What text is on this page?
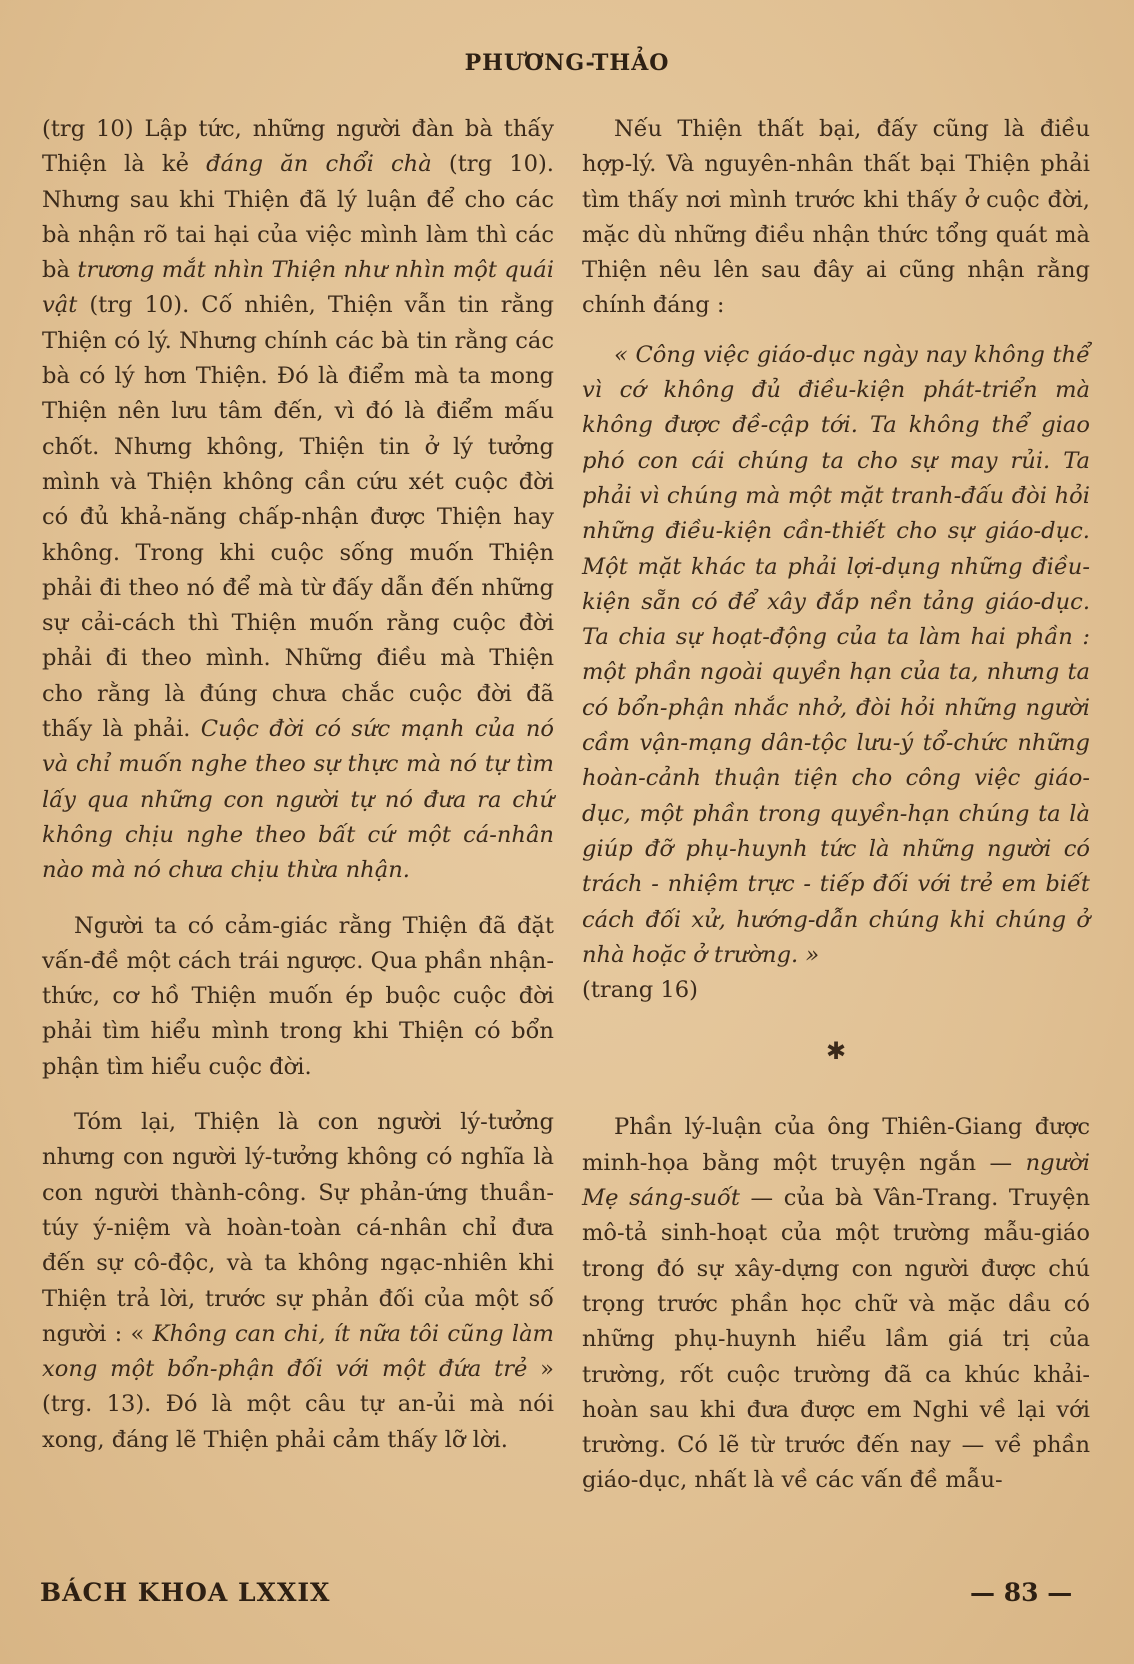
PHƯƠNG-THẢO

(trg 10) Lập tức, những người đàn bà thấy Thiện là kẻ đáng ăn chổi chà (trg 10). Nhưng sau khi Thiện đã lý luận để cho các bà nhận rõ tai hại của việc mình làm thì các bà trương mắt nhìn Thiện như nhìn một quái vật (trg 10). Cố nhiên, Thiện vẫn tin rằng Thiện có lý. Nhưng chính các bà tin rằng các bà có lý hơn Thiện. Đó là điểm mà ta mong Thiện nên lưu tâm đến, vì đó là điểm mấu chốt. Nhưng không, Thiện tin ở lý tưởng mình và Thiện không cần cứu xét cuộc đời có đủ khả-năng chấp-nhận được Thiện hay không. Trong khi cuộc sống muốn Thiện phải đi theo nó để mà từ đấy dẫn đến những sự cải-cách thì Thiện muốn rằng cuộc đời phải đi theo mình. Những điều mà Thiện cho rằng là đúng chưa chắc cuộc đời đã thấy là phải. Cuộc đời có sức mạnh của nó và chỉ muốn nghe theo sự thực mà nó tự tìm lấy qua những con người tự nó đưa ra chứ không chịu nghe theo bất cứ một cá-nhân nào mà nó chưa chịu thừa nhận.

Người ta có cảm-giác rằng Thiện đã đặt vấn-đề một cách trái ngược. Qua phần nhận-thức, cơ hồ Thiện muốn ép buộc cuộc đời phải tìm hiểu mình trong khi Thiện có bổn phận tìm hiểu cuộc đời.

Tóm lại, Thiện là con người lý-tưởng nhưng con người lý-tưởng không có nghĩa là con người thành-công. Sự phản-ứng thuần-túy ý-niệm và hoàn-toàn cá-nhân chỉ đưa đến sự cô-độc, và ta không ngạc-nhiên khi Thiện trả lời, trước sự phản đối của một số người : « Không can chi, ít nữa tôi cũng làm xong một bổn-phận đối với một đứa trẻ » (trg. 13). Đó là một câu tự an-ủi mà nói xong, đáng lẽ Thiện phải cảm thấy lỡ lời.

Nếu Thiện thất bại, đấy cũng là điều hợp-lý. Và nguyên-nhân thất bại Thiện phải tìm thấy nơi mình trước khi thấy ở cuộc đời, mặc dù những điều nhận thức tổng quát mà Thiện nêu lên sau đây ai cũng nhận rằng chính đáng :

« Công việc giáo-dục ngày nay không thể vì cớ không đủ điều-kiện phát-triển mà không được đề-cập tới. Ta không thể giao phó con cái chúng ta cho sự may rủi. Ta phải vì chúng mà một mặt tranh-đấu đòi hỏi những điều-kiện cần-thiết cho sự giáo-dục. Một mặt khác ta phải lợi-dụng những điều-kiện sẵn có để xây đắp nền tảng giáo-dục. Ta chia sự hoạt-động của ta làm hai phần : một phần ngoài quyền hạn của ta, nhưng ta có bổn-phận nhắc nhở, đòi hỏi những người cầm vận-mạng dân-tộc lưu-ý tổ-chức những hoàn-cảnh thuận tiện cho công việc giáo-dục, một phần trong quyền-hạn chúng ta là giúp đỡ phụ-huynh tức là những người có trách - nhiệm trực - tiếp đối với trẻ em biết cách đối xử, hướng-dẫn chúng khi chúng ở nhà hoặc ở trường. »

(trang 16)

✱

Phần lý-luận của ông Thiên-Giang được minh-họa bằng một truyện ngắn — người Mẹ sáng-suốt — của bà Vân-Trang. Truyện mô-tả sinh-hoạt của một trường mẫu-giáo trong đó sự xây-dựng con người được chú trọng trước phần học chữ và mặc dầu có những phụ-huynh hiểu lầm giá trị của trường, rốt cuộc trường đã ca khúc khải-hoàn sau khi đưa được em Nghi về lại với trường. Có lẽ từ trước đến nay — về phần giáo-dục, nhất là về các vấn đề mẫu-

BÁCH KHOA LXXIX	— 83 —
